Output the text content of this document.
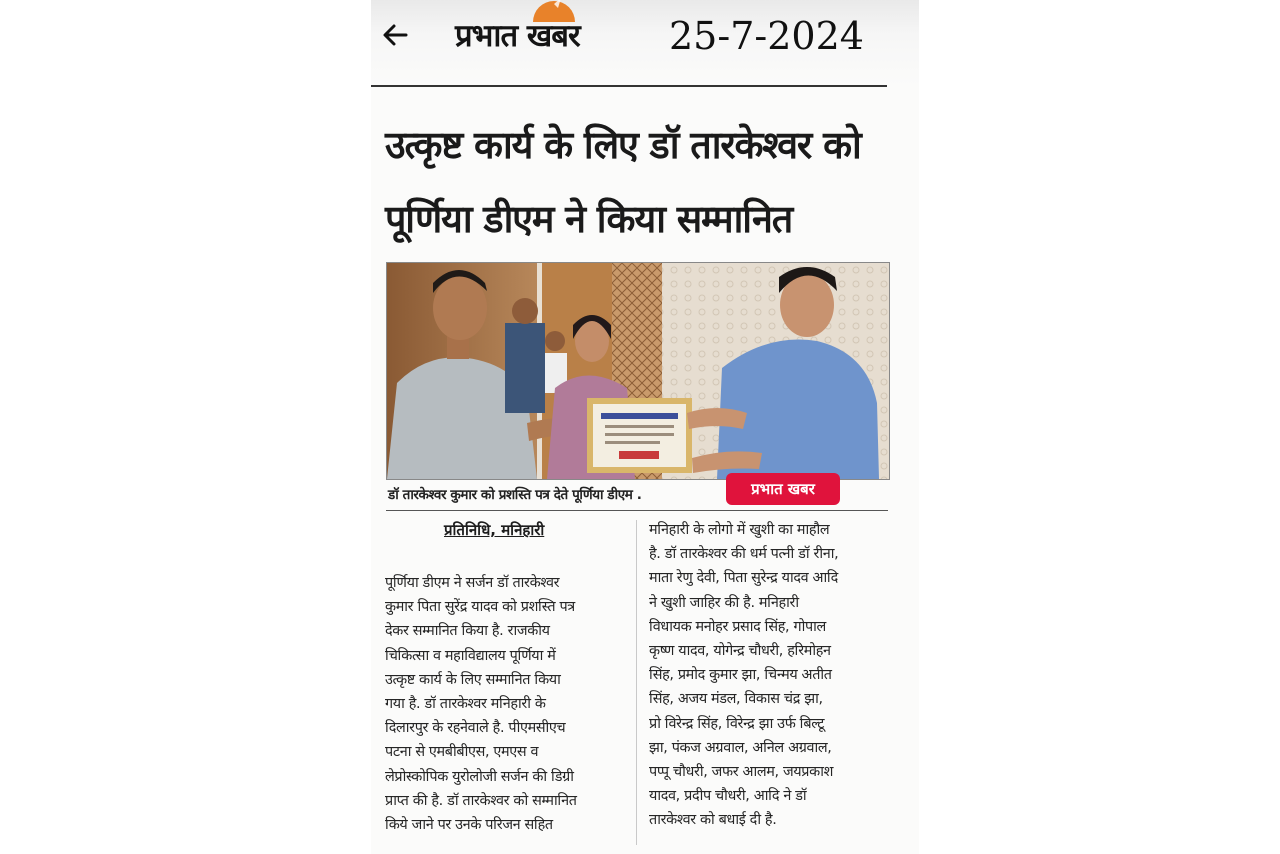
प्रभात खबर 25-7-2024
उत्कृष्ट कार्य के लिए डॉ तारकेश्वर को
पूर्णिया डीएम ने किया सम्मानित
डॉ तारकेश्वर कुमार को प्रशस्ति पत्र देते पूर्णिया डीएम .	प्रभात खबर
प्रतिनिधि, मनिहारी
पूर्णिया डीएम ने सर्जन डॉ तारकेश्वर
कुमार पिता सुरेंद्र यादव को प्रशस्ति पत्र
देकर सम्मानित किया है. राजकीय
चिकित्सा व महाविद्यालय पूर्णिया में
उत्कृष्ट कार्य के लिए सम्मानित किया
गया है. डॉ तारकेश्वर मनिहारी के
दिलारपुर के रहनेवाले है. पीएमसीएच
पटना से एमबीबीएस, एमएस व
लेप्रोस्कोपिक युरोलोजी सर्जन की डिग्री
प्राप्त की है. डॉ तारकेश्वर को सम्मानित
किये जाने पर उनके परिजन सहित
मनिहारी के लोगो में खुशी का माहौल
है. डॉ तारकेश्वर की धर्म पत्नी डॉ रीना,
माता रेणु देवी, पिता सुरेन्द्र यादव आदि
ने खुशी जाहिर की है. मनिहारी
विधायक मनोहर प्रसाद सिंह, गोपाल
कृष्ण यादव, योगेन्द्र चौधरी, हरिमोहन
सिंह, प्रमोद कुमार झा, चिन्मय अतीत
सिंह, अजय मंडल, विकास चंद्र झा,
प्रो विरेन्द्र सिंह, विरेन्द्र झा उर्फ बिल्टू
झा, पंकज अग्रवाल, अनिल अग्रवाल,
पप्पू चौधरी, जफर आलम, जयप्रकाश
यादव, प्रदीप चौधरी, आदि ने डॉ
तारकेश्वर को बधाई दी है.
